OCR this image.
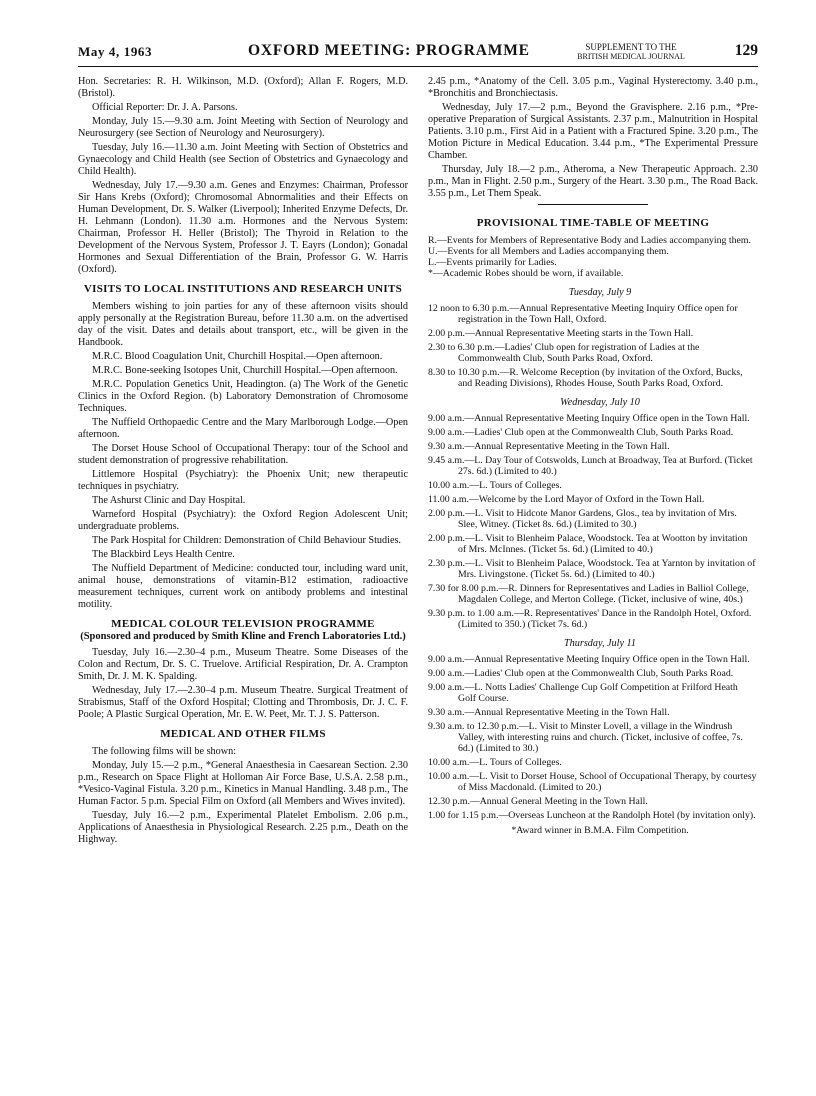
May 4, 1963	OXFORD MEETING: PROGRAMME	SUPPLEMENT TO THE
BRITISH MEDICAL JOURNAL	129

Hon. Secretaries: R. H. Wilkinson, M.D. (Oxford); Allan F. Rogers, M.D. (Bristol).

Official Reporter: Dr. J. A. Parsons.

Monday, July 15.—9.30 a.m. Joint Meeting with Section of Neurology and Neurosurgery (see Section of Neurology and Neurosurgery).

Tuesday, July 16.—11.30 a.m. Joint Meeting with Section of Obstetrics and Gynaecology and Child Health (see Section of Obstetrics and Gynaecology and Child Health).

Wednesday, July 17.—9.30 a.m. Genes and Enzymes: Chairman, Professor Sir Hans Krebs (Oxford); Chromosomal Abnormalities and their Effects on Human Development, Dr. S. Walker (Liverpool); Inherited Enzyme Defects, Dr. H. Lehmann (London). 11.30 a.m. Hormones and the Nervous System: Chairman, Professor H. Heller (Bristol); The Thyroid in Relation to the Development of the Nervous System, Professor J. T. Eayrs (London); Gonadal Hormones and Sexual Differentiation of the Brain, Professor G. W. Harris (Oxford).

VISITS TO LOCAL INSTITUTIONS AND RESEARCH UNITS

Members wishing to join parties for any of these afternoon visits should apply personally at the Registration Bureau, before 11.30 a.m. on the advertised day of the visit. Dates and details about transport, etc., will be given in the Handbook.

M.R.C. Blood Coagulation Unit, Churchill Hospital.—Open afternoon.

M.R.C. Bone-seeking Isotopes Unit, Churchill Hospital.—Open afternoon.

M.R.C. Population Genetics Unit, Headington. (a) The Work of the Genetic Clinics in the Oxford Region. (b) Laboratory Demonstration of Chromosome Techniques.

The Nuffield Orthopaedic Centre and the Mary Marlborough Lodge.—Open afternoon.

The Dorset House School of Occupational Therapy: tour of the School and student demonstration of progressive rehabilitation.

Littlemore Hospital (Psychiatry): the Phoenix Unit; new therapeutic techniques in psychiatry.

The Ashurst Clinic and Day Hospital.

Warneford Hospital (Psychiatry): the Oxford Region Adolescent Unit; undergraduate problems.

The Park Hospital for Children: Demonstration of Child Behaviour Studies.

The Blackbird Leys Health Centre.

The Nuffield Department of Medicine: conducted tour, including ward unit, animal house, demonstrations of vitamin-B12 estimation, radioactive measurement techniques, current work on antibody problems and intestinal motility.

MEDICAL COLOUR TELEVISION PROGRAMME

(Sponsored and produced by Smith Kline and French Laboratories Ltd.)

Tuesday, July 16.—2.30–4 p.m., Museum Theatre. Some Diseases of the Colon and Rectum, Dr. S. C. Truelove. Artificial Respiration, Dr. A. Crampton Smith, Dr. J. M. K. Spalding.

Wednesday, July 17.—2.30–4 p.m. Museum Theatre. Surgical Treatment of Strabismus, Staff of the Oxford Hospital; Clotting and Thrombosis, Dr. J. C. F. Poole; A Plastic Surgical Operation, Mr. E. W. Peet, Mr. T. J. S. Patterson.

MEDICAL AND OTHER FILMS

The following films will be shown:

Monday, July 15.—2 p.m., *General Anaesthesia in Caesarean Section. 2.30 p.m., Research on Space Flight at Holloman Air Force Base, U.S.A. 2.58 p.m., *Vesico-Vaginal Fistula. 3.20 p.m., Kinetics in Manual Handling. 3.48 p.m., The Human Factor. 5 p.m. Special Film on Oxford (all Members and Wives invited).

Tuesday, July 16.—2 p.m., Experimental Platelet Embolism. 2.06 p.m., Applications of Anaesthesia in Physiological Research. 2.25 p.m., Death on the Highway.

2.45 p.m., *Anatomy of the Cell. 3.05 p.m., Vaginal Hysterectomy. 3.40 p.m., *Bronchitis and Bronchiectasis.

Wednesday, July 17.—2 p.m., Beyond the Gravisphere. 2.16 p.m., *Pre-operative Preparation of Surgical Assistants. 2.37 p.m., Malnutrition in Hospital Patients. 3.10 p.m., First Aid in a Patient with a Fractured Spine. 3.20 p.m., The Motion Picture in Medical Education. 3.44 p.m., *The Experimental Pressure Chamber.

Thursday, July 18.—2 p.m., Atheroma, a New Therapeutic Approach. 2.30 p.m., Man in Flight. 2.50 p.m., Surgery of the Heart. 3.30 p.m., The Road Back. 3.55 p.m., Let Them Speak.

PROVISIONAL TIME-TABLE OF MEETING

R.—Events for Members of Representative Body and Ladies accompanying them.

U.—Events for all Members and Ladies accompanying them.

L.—Events primarily for Ladies.

*—Academic Robes should be worn, if available.

Tuesday, July 9

12 noon to 6.30 p.m.—Annual Representative Meeting Inquiry Office open for registration in the Town Hall, Oxford.

2.00 p.m.—Annual Representative Meeting starts in the Town Hall.

2.30 to 6.30 p.m.—Ladies' Club open for registration of Ladies at the Commonwealth Club, South Parks Road, Oxford.

8.30 to 10.30 p.m.—R. Welcome Reception (by invitation of the Oxford, Bucks, and Reading Divisions), Rhodes House, South Parks Road, Oxford.

Wednesday, July 10

9.00 a.m.—Annual Representative Meeting Inquiry Office open in the Town Hall.

9.00 a.m.—Ladies' Club open at the Commonwealth Club, South Parks Road.

9.30 a.m.—Annual Representative Meeting in the Town Hall.

9.45 a.m.—L. Day Tour of Cotswolds, Lunch at Broadway, Tea at Burford. (Ticket 27s. 6d.) (Limited to 40.)

10.00 a.m.—L. Tours of Colleges.

11.00 a.m.—Welcome by the Lord Mayor of Oxford in the Town Hall.

2.00 p.m.—L. Visit to Hidcote Manor Gardens, Glos., tea by invitation of Mrs. Slee, Witney. (Ticket 8s. 6d.) (Limited to 30.)

2.00 p.m.—L. Visit to Blenheim Palace, Woodstock. Tea at Wootton by invitation of Mrs. McInnes. (Ticket 5s. 6d.) (Limited to 40.)

2.30 p.m.—L. Visit to Blenheim Palace, Woodstock. Tea at Yarnton by invitation of Mrs. Livingstone. (Ticket 5s. 6d.) (Limited to 40.)

7.30 for 8.00 p.m.—R. Dinners for Representatives and Ladies in Balliol College, Magdalen College, and Merton College. (Ticket, inclusive of wine, 40s.)

9.30 p.m. to 1.00 a.m.—R. Representatives' Dance in the Randolph Hotel, Oxford. (Limited to 350.) (Ticket 7s. 6d.)

Thursday, July 11

9.00 a.m.—Annual Representative Meeting Inquiry Office open in the Town Hall.

9.00 a.m.—Ladies' Club open at the Commonwealth Club, South Parks Road.

9.00 a.m.—L. Notts Ladies' Challenge Cup Golf Competition at Frilford Heath Golf Course.

9.30 a.m.—Annual Representative Meeting in the Town Hall.

9.30 a.m. to 12.30 p.m.—L. Visit to Minster Lovell, a village in the Windrush Valley, with interesting ruins and church. (Ticket, inclusive of coffee, 7s. 6d.) (Limited to 30.)

10.00 a.m.—L. Tours of Colleges.

10.00 a.m.—L. Visit to Dorset House, School of Occupational Therapy, by courtesy of Miss Macdonald. (Limited to 20.)

12.30 p.m.—Annual General Meeting in the Town Hall.

1.00 for 1.15 p.m.—Overseas Luncheon at the Randolph Hotel (by invitation only).

*Award winner in B.M.A. Film Competition.
